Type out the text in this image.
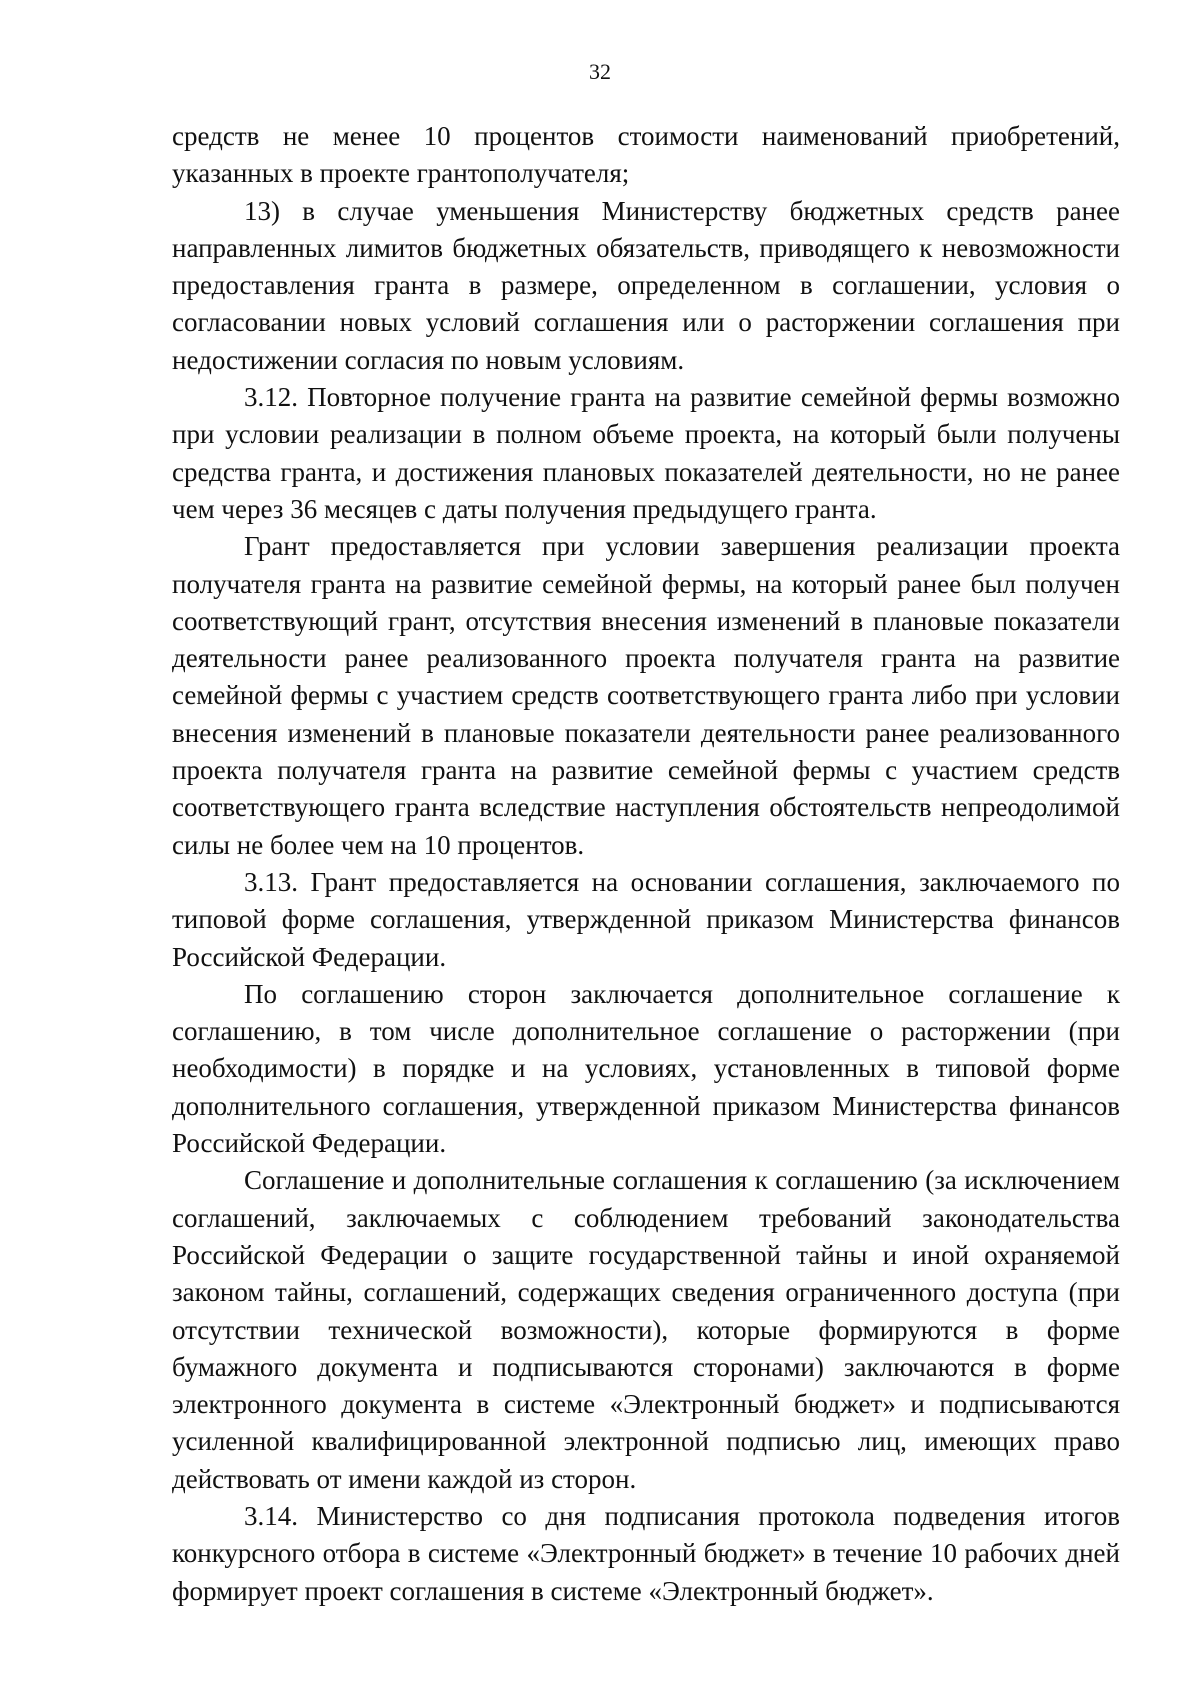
32

средств не менее 10 процентов стоимости наименований приобретений, указанных в проекте грантополучателя;

13) в случае уменьшения Министерству бюджетных средств ранее направленных лимитов бюджетных обязательств, приводящего к невозможности предоставления гранта в размере, определенном в соглашении, условия о согласовании новых условий соглашения или о расторжении соглашения при недостижении согласия по новым условиям.

3.12. Повторное получение гранта на развитие семейной фермы возможно при условии реализации в полном объеме проекта, на который были получены средства гранта, и достижения плановых показателей деятельности, но не ранее чем через 36 месяцев с даты получения предыдущего гранта.

Грант предоставляется при условии завершения реализации проекта получателя гранта на развитие семейной фермы, на который ранее был получен соответствующий грант, отсутствия внесения изменений в плановые показатели деятельности ранее реализованного проекта получателя гранта на развитие семейной фермы с участием средств соответствующего гранта либо при условии внесения изменений в плановые показатели деятельности ранее реализованного проекта получателя гранта на развитие семейной фермы с участием средств соответствующего гранта вследствие наступления обстоятельств непреодолимой силы не более чем на 10 процентов.

3.13. Грант предоставляется на основании соглашения, заключаемого по типовой форме соглашения, утвержденной приказом Министерства финансов Российской Федерации.

По соглашению сторон заключается дополнительное соглашение к соглашению, в том числе дополнительное соглашение о расторжении (при необходимости) в порядке и на условиях, установленных в типовой форме дополнительного соглашения, утвержденной приказом Министерства финансов Российской Федерации.

Соглашение и дополнительные соглашения к соглашению (за исключением соглашений, заключаемых с соблюдением требований законодательства Российской Федерации о защите государственной тайны и иной охраняемой законом тайны, соглашений, содержащих сведения ограниченного доступа (при отсутствии технической возможности), которые формируются в форме бумажного документа и подписываются сторонами) заключаются в форме электронного документа в системе «Электронный бюджет» и подписываются усиленной квалифицированной электронной подписью лиц, имеющих право действовать от имени каждой из сторон.

3.14. Министерство со дня подписания протокола подведения итогов конкурсного отбора в системе «Электронный бюджет» в течение 10 рабочих дней формирует проект соглашения в системе «Электронный бюджет».
